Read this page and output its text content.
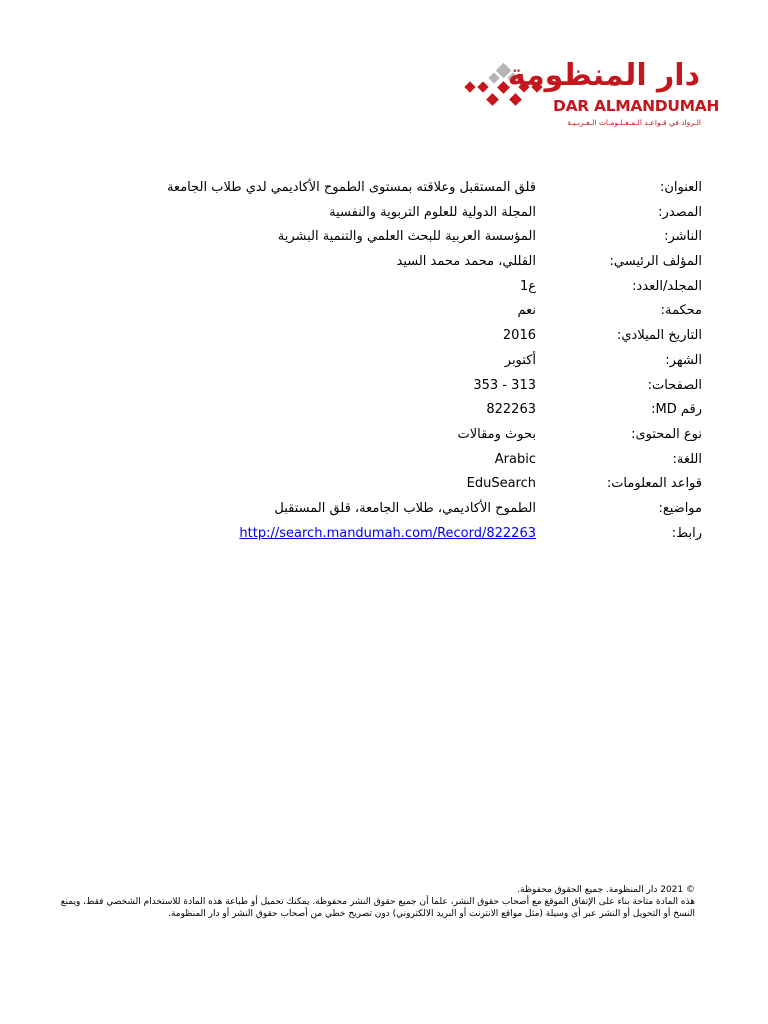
دار المنظومة
DAR ALMANDUMAH
الـرواد في قـواعـد الـمـعـلـومـات الـعـربـيـة
العنوان:
قلق المستقبل وعلاقته بمستوى الطموح الأكاديمي لدي طلاب الجامعة
المصدر:
المجلة الدولية للعلوم التربوية والنفسية
الناشر:
المؤسسة العربية للبحث العلمي والتنمية البشرية
المؤلف الرئيسي:
القللي، محمد محمد السيد
المجلد/العدد:
ع1
محكمة:
نعم
التاريخ الميلادي:
2016
الشهر:
أكتوبر
الصفحات:
313 - 353
رقم MD:
822263
نوع المحتوى:
بحوث ومقالات
اللغة:
Arabic
قواعد المعلومات:
EduSearch
مواضيع:
الطموح الأكاديمي، طلاب الجامعة، قلق المستقبل
رابط:
http://search.mandumah.com/Record/822263

© 2021 دار المنظومة. جميع الحقوق محفوظة.

هذه المادة متاحة بناء على الإتفاق الموقع مع أصحاب حقوق النشر، علما أن جميع حقوق النشر محفوظة. يمكنك تحميل أو طباعة هذه المادة للاستخدام الشخصي فقط، ويمنع النسخ أو التحويل أو النشر عبر أي وسيلة (مثل مواقع الانترنت أو البريد الالكتروني) دون تصريح خطي من أصحاب حقوق النشر أو دار المنظومة.
